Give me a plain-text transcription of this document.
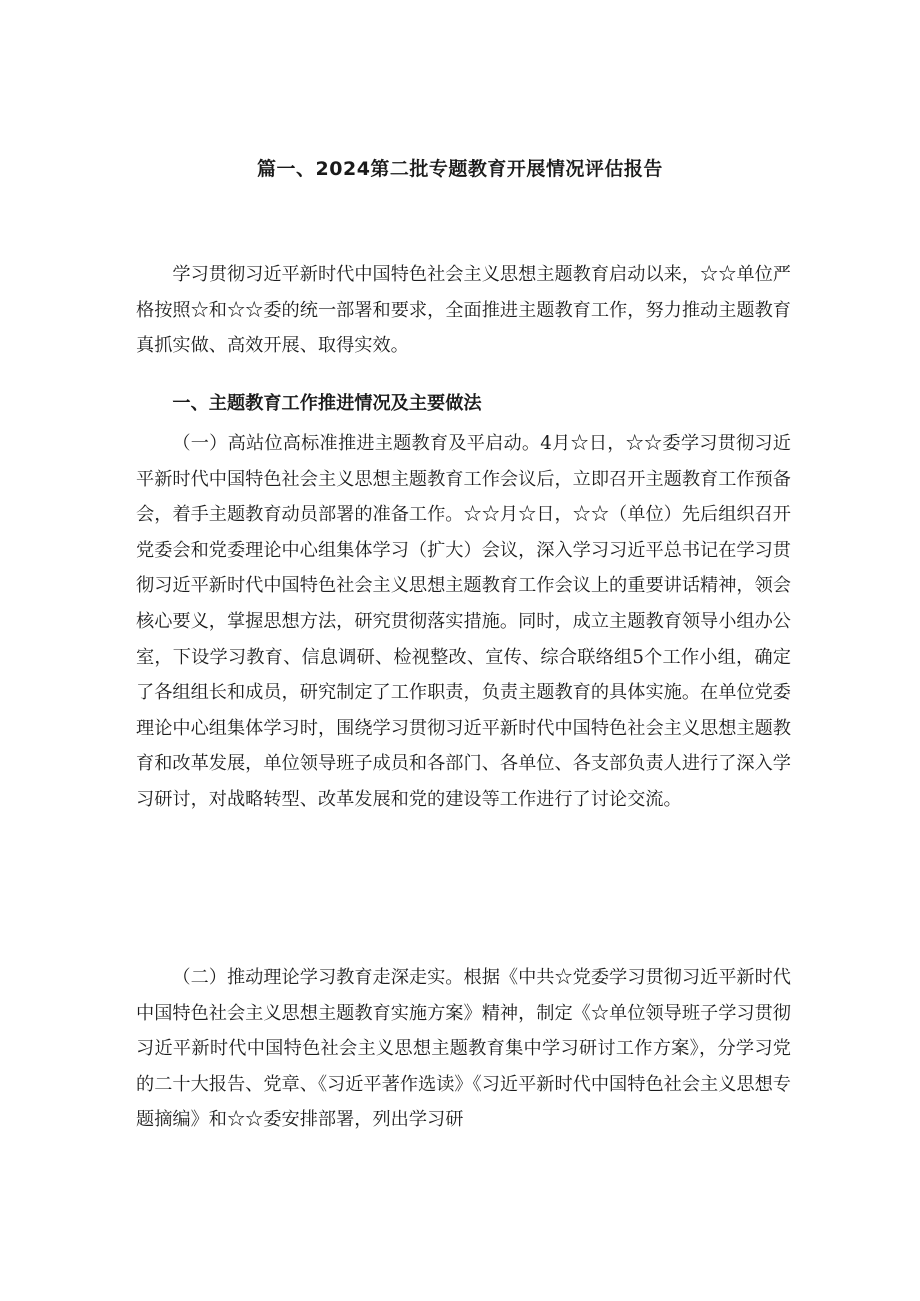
篇一、2024第二批专题教育开展情况评估报告

学习贯彻习近平新时代中国特色社会主义思想主题教育启动以来，☆☆单位严格按照☆和☆☆委的统一部署和要求，全面推进主题教育工作，努力推动主题教育真抓实做、高效开展、取得实效。

一、主题教育工作推进情况及主要做法

（一）高站位高标准推进主题教育及平启动。4月☆日，☆☆委学习贯彻习近平新时代中国特色社会主义思想主题教育工作会议后，立即召开主题教育工作预备会，着手主题教育动员部署的准备工作。☆☆月☆日，☆☆（单位）先后组织召开党委会和党委理论中心组集体学习（扩大）会议，深入学习习近平总书记在学习贯彻习近平新时代中国特色社会主义思想主题教育工作会议上的重要讲话精神，领会核心要义，掌握思想方法，研究贯彻落实措施。同时，成立主题教育领导小组办公室，下设学习教育、信息调研、检视整改、宣传、综合联络组5个工作小组，确定了各组组长和成员，研究制定了工作职责，负责主题教育的具体实施。在单位党委理论中心组集体学习时，围绕学习贯彻习近平新时代中国特色社会主义思想主题教育和改革发展，单位领导班子成员和各部门、各单位、各支部负责人进行了深入学习研讨，对战略转型、改革发展和党的建设等工作进行了讨论交流。

（二）推动理论学习教育走深走实。根据《中共☆党委学习贯彻习近平新时代中国特色社会主义思想主题教育实施方案》精神，制定《☆单位领导班子学习贯彻习近平新时代中国特色社会主义思想主题教育集中学习研讨工作方案》，分学习党的二十大报告、党章、《习近平著作选读》《习近平新时代中国特色社会主义思想专题摘编》和☆☆委安排部署，列出学习研
